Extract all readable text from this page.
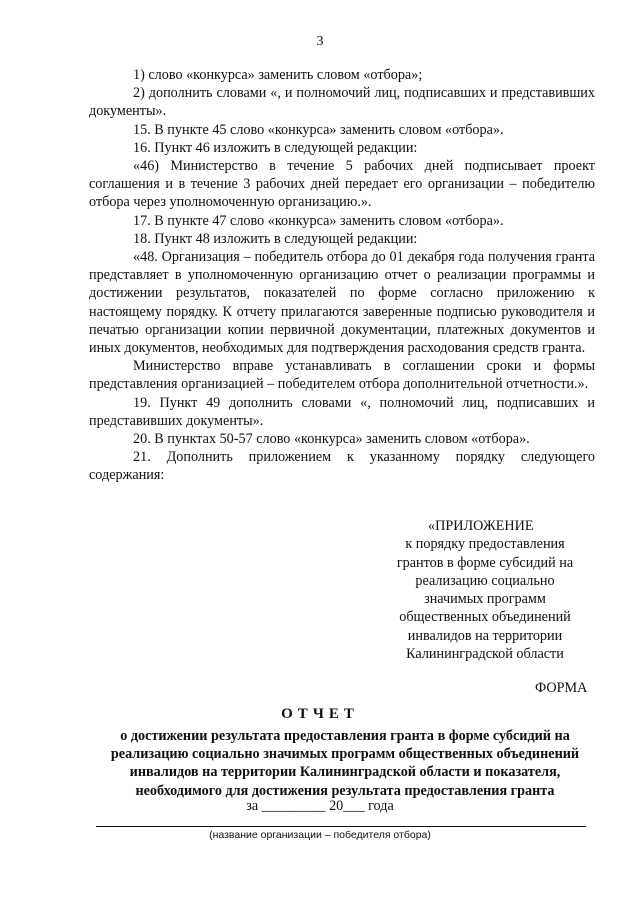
3

1) слово «конкурса» заменить словом «отбора»;

2) дополнить словами «, и полномочий лиц, подписавших и представивших документы».

15. В пункте 45 слово «конкурса» заменить словом «отбора».

16. Пункт 46 изложить в следующей редакции:

«46) Министерство в течение 5 рабочих дней подписывает проект соглашения и в течение 3 рабочих дней передает его организации – победителю отбора через уполномоченную организацию.».

17. В пункте 47 слово «конкурса» заменить словом «отбора».

18. Пункт 48 изложить в следующей редакции:

«48. Организация – победитель отбора до 01 декабря года получения гранта представляет в уполномоченную организацию отчет о реализации программы и достижении результатов, показателей по форме согласно приложению к настоящему порядку. К отчету прилагаются заверенные подписью руководителя и печатью организации копии первичной документации, платежных документов и иных документов, необходимых для подтверждения расходования средств гранта.

Министерство вправе устанавливать в соглашении сроки и формы представления организацией – победителем отбора дополнительной отчетности.».

19. Пункт 49 дополнить словами «, полномочий лиц, подписавших и представивших документы».

20. В пунктах 50-57 слово «конкурса» заменить словом «отбора».

21. Дополнить приложением к указанному порядку следующего содержания:

«ПРИЛОЖЕНИЕ
к порядку предоставления
грантов в форме субсидий на
реализацию социально
значимых программ
общественных объединений
инвалидов на территории
Калининградской области
ФОРМА
ОТЧЕТ
о достижении результата предоставления гранта в форме субсидий на реализацию социально значимых программ общественных объединений инвалидов на территории Калининградской области и показателя, необходимого для достижения результата предоставления гранта
за _________ 20___ года
(название организации – победителя отбора)
